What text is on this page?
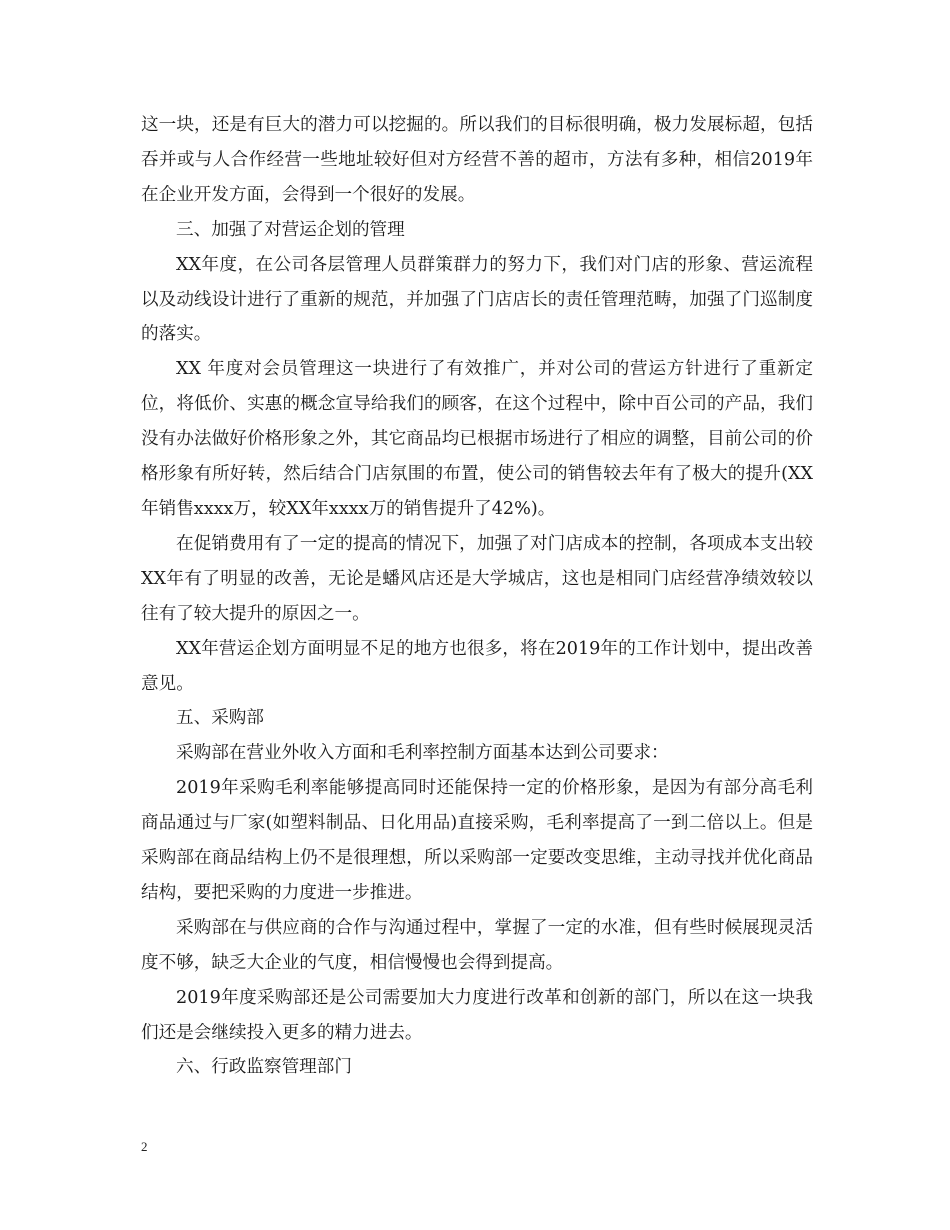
这一块，还是有巨大的潜力可以挖掘的。所以我们的目标很明确，极力发展标超，包括吞并或与人合作经营一些地址较好但对方经营不善的超市，方法有多种，相信2019年在企业开发方面，会得到一个很好的发展。

三、加强了对营运企划的管理

XX年度，在公司各层管理人员群策群力的努力下，我们对门店的形象、营运流程以及动线设计进行了重新的规范，并加强了门店店长的责任管理范畴，加强了门巡制度的落实。

XX 年度对会员管理这一块进行了有效推广，并对公司的营运方针进行了重新定位，将低价、实惠的概念宣导给我们的顾客，在这个过程中，除中百公司的产品，我们没有办法做好价格形象之外，其它商品均已根据市场进行了相应的调整，目前公司的价格形象有所好转，然后结合门店氛围的布置，使公司的销售较去年有了极大的提升(XX年销售xxxx万，较XX年xxxx万的销售提升了42%)。

在促销费用有了一定的提高的情况下，加强了对门店成本的控制，各项成本支出较XX年有了明显的改善，无论是蟠风店还是大学城店，这也是相同门店经营净绩效较以往有了较大提升的原因之一。

XX年营运企划方面明显不足的地方也很多，将在2019年的工作计划中，提出改善意见。

五、采购部

采购部在营业外收入方面和毛利率控制方面基本达到公司要求：

2019年采购毛利率能够提高同时还能保持一定的价格形象，是因为有部分高毛利商品通过与厂家(如塑料制品、日化用品)直接采购，毛利率提高了一到二倍以上。但是采购部在商品结构上仍不是很理想，所以采购部一定要改变思维，主动寻找并优化商品结构，要把采购的力度进一步推进。

采购部在与供应商的合作与沟通过程中，掌握了一定的水准，但有些时候展现灵活度不够，缺乏大企业的气度，相信慢慢也会得到提高。

2019年度采购部还是公司需要加大力度进行改革和创新的部门，所以在这一块我们还是会继续投入更多的精力进去。

六、行政监察管理部门

2
